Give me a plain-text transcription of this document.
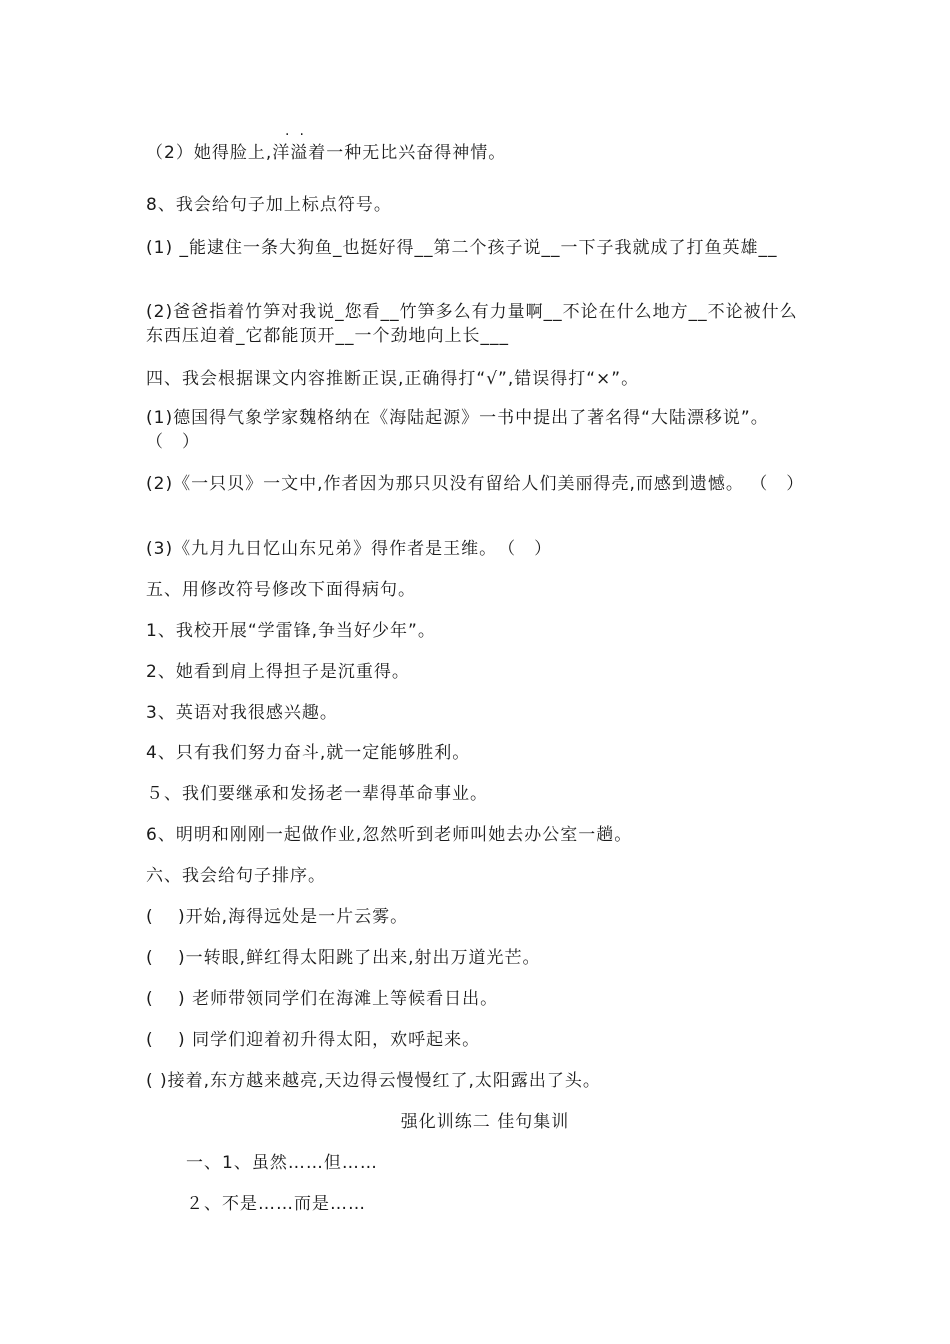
··
（2）她得脸上,洋溢着一种无比兴奋得神情。
8、我会给句子加上标点符号。
(1) _能逮住一条大狗鱼_也挺好得__第二个孩子说__一下子我就成了打鱼英雄__
(2)爸爸指着竹笋对我说_您看__竹笋多么有力量啊__不论在什么地方__不论被什么东西压迫着_它都能顶开__一个劲地向上长___
四、我会根据课文内容推断正误,正确得打“√”,错误得打“×”。
(1)德国得气象学家魏格纳在《海陆起源》一书中提出了著名得“大陆漂移说”。　　　（　）
(2)《一只贝》一文中,作者因为那只贝没有留给人们美丽得壳,而感到遗憾。 （　）
(3)《九月九日忆山东兄弟》得作者是王维。　（　）
五、用修改符号修改下面得病句。
1、我校开展“学雷锋,争当好少年”。
2、她看到肩上得担子是沉重得。
3、英语对我很感兴趣。
4、只有我们努力奋斗,就一定能够胜利。
５、我们要继承和发扬老一辈得革命事业。
6、明明和刚刚一起做作业,忽然听到老师叫她去办公室一趟。
六、我会给句子排序。
(　 )开始,海得远处是一片云雾。
(　 )一转眼,鲜红得太阳跳了出来,射出万道光芒。
(　 ) 老师带领同学们在海滩上等候看日出。
(　 ) 同学们迎着初升得太阳，欢呼起来。
( )接着,东方越来越亮,天边得云慢慢红了,太阳露出了头。
强化训练二 佳句集训
一、1、虽然……但……
２、不是……而是……
